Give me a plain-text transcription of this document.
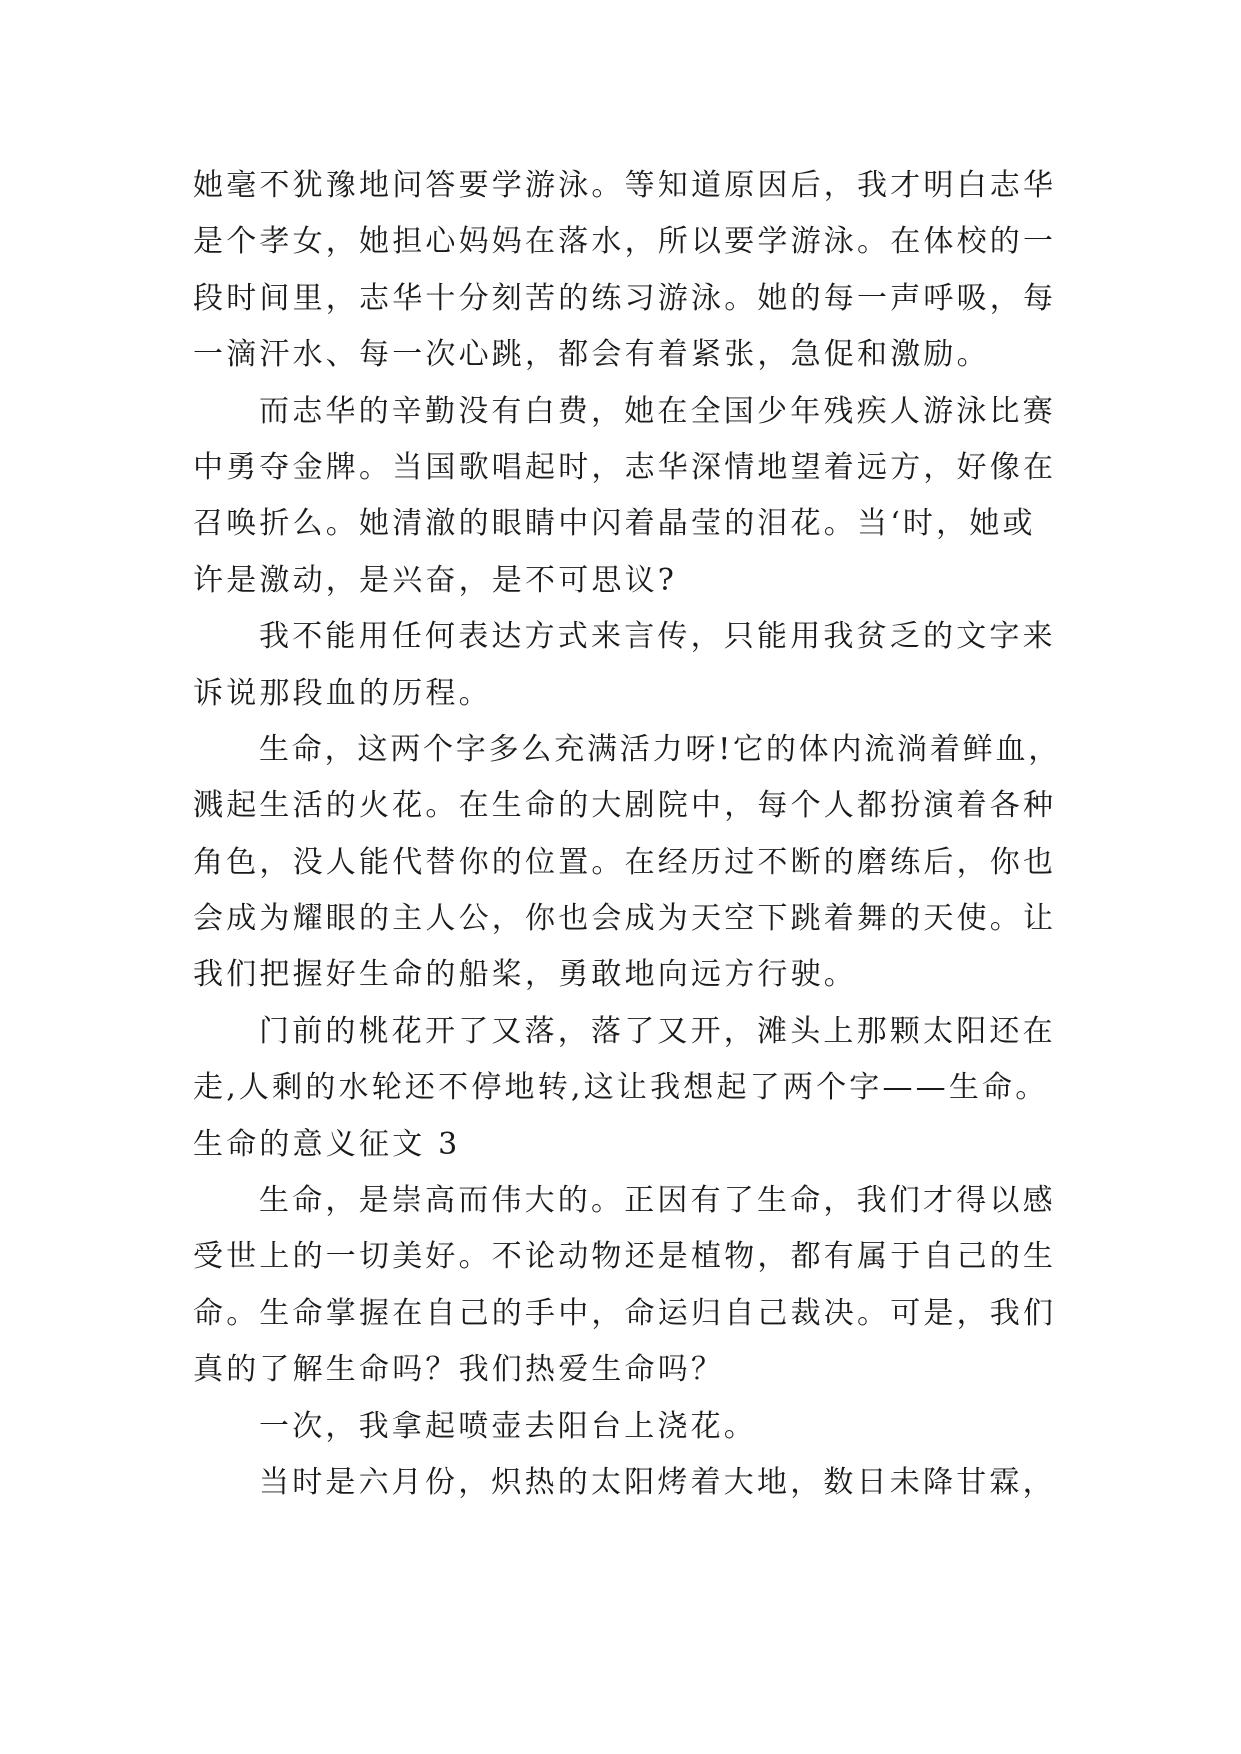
她毫不犹豫地问答要学游泳。等知道原因后，我才明白志华
是个孝女，她担心妈妈在落水，所以要学游泳。在体校的一
段时间里，志华十分刻苦的练习游泳。她的每一声呼吸，每
一滴汗水、每一次心跳，都会有着紧张，急促和激励。
而志华的辛勤没有白费，她在全国少年残疾人游泳比赛
中勇夺金牌。当国歌唱起时，志华深情地望着远方，好像在
召唤折么。她清澈的眼睛中闪着晶莹的泪花。当‘时，她或
许是激动，是兴奋，是不可思议?
我不能用任何表达方式来言传，只能用我贫乏的文字来
诉说那段血的历程。
生命，这两个字多么充满活力呀!它的体内流淌着鲜血，
溅起生活的火花。在生命的大剧院中，每个人都扮演着各种
角色，没人能代替你的位置。在经历过不断的磨练后，你也
会成为耀眼的主人公，你也会成为天空下跳着舞的天使。让
我们把握好生命的船桨，勇敢地向远方行驶。
门前的桃花开了又落，落了又开，滩头上那颗太阳还在
走,人剩的水轮还不停地转,这让我想起了两个字——生命。
生命的意义征文 3
生命，是崇高而伟大的。正因有了生命，我们才得以感
受世上的一切美好。不论动物还是植物，都有属于自己的生
命。生命掌握在自己的手中，命运归自己裁决。可是，我们
真的了解生命吗？我们热爱生命吗？
一次，我拿起喷壶去阳台上浇花。
当时是六月份，炽热的太阳烤着大地，数日未降甘霖，
